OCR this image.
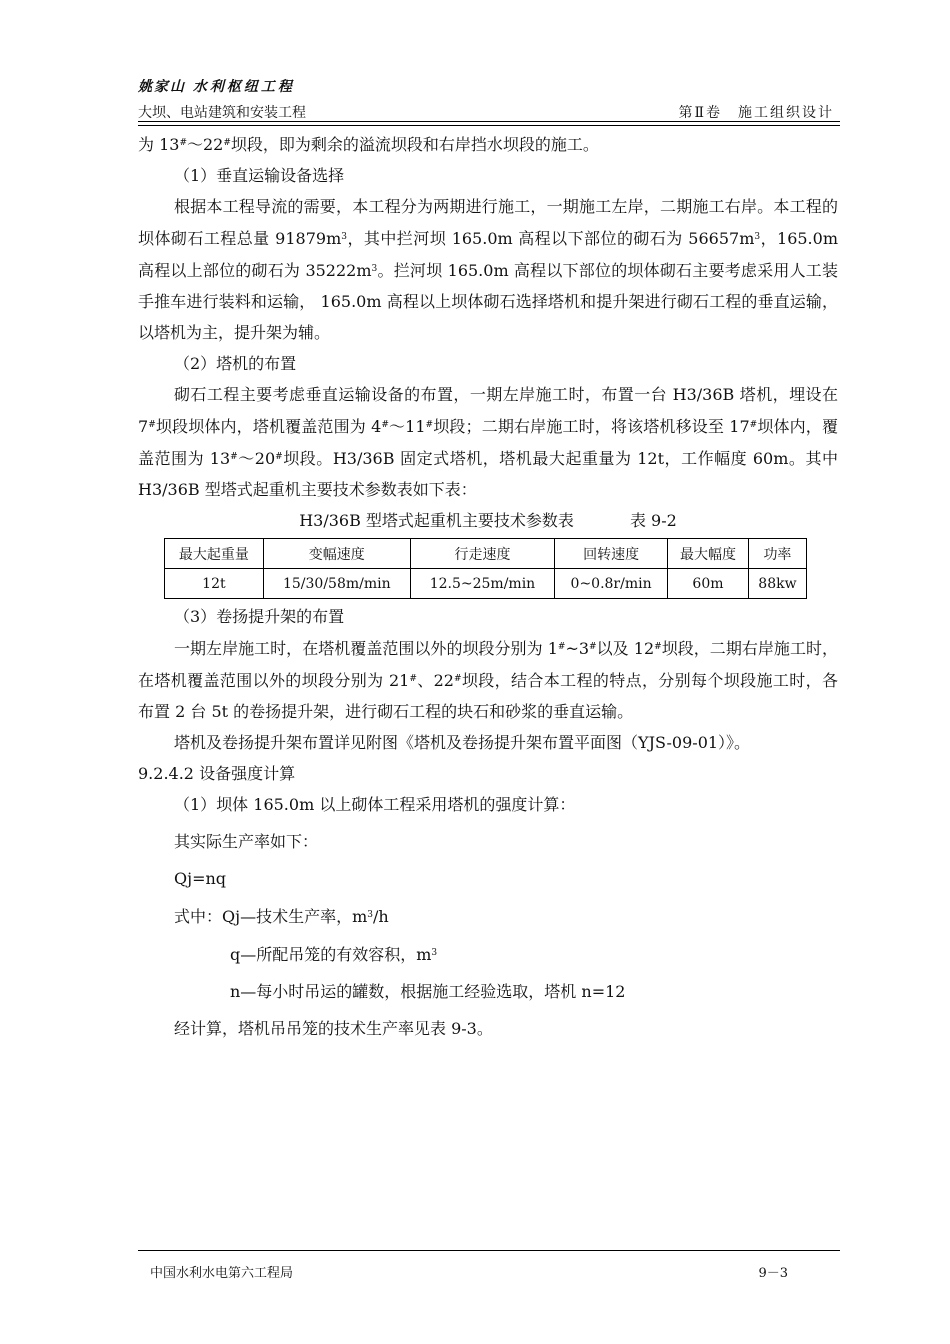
姚家山 水利枢纽工程
大坝、电站建筑和安装工程	第Ⅱ卷　施工组织设计

为 13#～22#坝段，即为剩余的溢流坝段和右岸挡水坝段的施工。

（1）垂直运输设备选择

根据本工程导流的需要，本工程分为两期进行施工，一期施工左岸，二期施工右岸。本工程的坝体砌石工程总量 $91879m^3$，其中拦河坝 165.0m 高程以下部位的砌石为 $56657m^3$，165.0m 高程以上部位的砌石为 $35222m^3$。拦河坝 165.0m 高程以下部位的坝体砌石主要考虑采用人工装手推车进行装料和运输， 165.0m 高程以上坝体砌石选择塔机和提升架进行砌石工程的垂直运输，以塔机为主，提升架为辅。

（2）塔机的布置

砌石工程主要考虑垂直运输设备的布置，一期左岸施工时，布置一台 H3/36B 塔机，埋设在 7#坝段坝体内，塔机覆盖范围为 4#～11#坝段；二期右岸施工时，将该塔机移设至 17#坝体内，覆盖范围为 13#～20#坝段。H3/36B 固定式塔机，塔机最大起重量为 12t，工作幅度 60m。其中 H3/36B 型塔式起重机主要技术参数表如下表：

H3/36B 型塔式起重机主要技术参数表	表 9-2

最大起重量	变幅速度	行走速度	回转速度	最大幅度	功率
12t	15/30/58m/min	12.5~25m/min	0~0.8r/min	60m	88kw

（3）卷扬提升架的布置

一期左岸施工时，在塔机覆盖范围以外的坝段分别为 1#~3#以及 12#坝段，二期右岸施工时，在塔机覆盖范围以外的坝段分别为 21#、22#坝段，结合本工程的特点，分别每个坝段施工时，各布置 2 台 5t 的卷扬提升架，进行砌石工程的块石和砂浆的垂直运输。

塔机及卷扬提升架布置详见附图《塔机及卷扬提升架布置平面图（YJS-09-01）》。

9.2.4.2 设备强度计算

（1）坝体 165.0m 以上砌体工程采用塔机的强度计算：

其实际生产率如下：

Qj=nq

式中：Qj—技术生产率，$m^3/h$

q—所配吊笼的有效容积，$m^3$

n—每小时吊运的罐数，根据施工经验选取，塔机 n=12

经计算，塔机吊吊笼的技术生产率见表 9-3。

中国水利水电第六工程局	9－3
